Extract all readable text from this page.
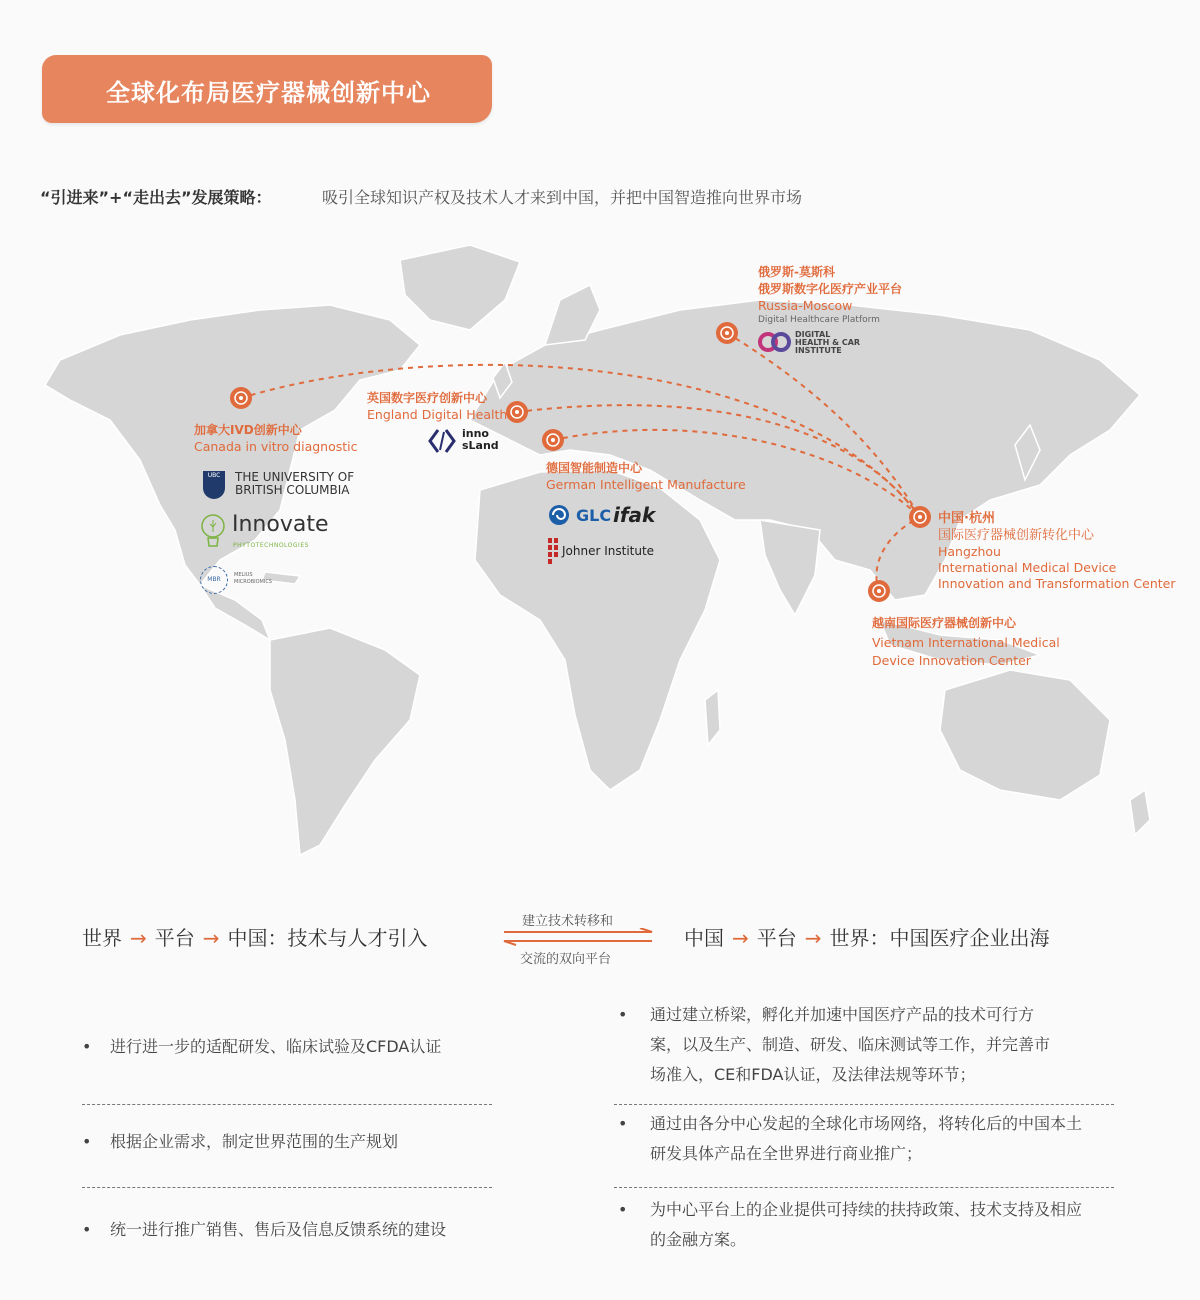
全球化布局医疗器械创新中心
“引进来”+“走出去”发展策略：	吸引全球知识产权及技术人才来到中国，并把中国智造推向世界市场
俄罗斯-莫斯科
俄罗斯数字化医疗产业平台
Russia-Moscow
Digital Healthcare Platform
DIGITAL
HEALTH & CAR
INSTITUTE
加拿大IVD创新中心
Canada in vitro diagnostic
UBC	THE UNIVERSITY OF
BRITISH COLUMBIA
Innovate
PHYTOTECHNOLOGIES
MBR
MELIUS
MICROBIOMICS
英国数字医疗创新中心
England Digital Health
inno
sLand
德国智能制造中心
German Intelligent Manufacture
GLC ifak
Johner Institute
中国·杭州
国际医疗器械创新转化中心
Hangzhou
International Medical Device
Innovation and Transformation Center
越南国际医疗器械创新中心
Vietnam International Medical
Device Innovation Center
世界 → 平台 → 中国：技术与人才引入
建立技术转移和
交流的双向平台
中国 → 平台 → 世界：中国医疗企业出海
• 进行进一步的适配研发、临床试验及CFDA认证
• 根据企业需求，制定世界范围的生产规划
• 统一进行推广销售、售后及信息反馈系统的建设
• 通过建立桥梁，孵化并加速中国医疗产品的技术可行方
案，以及生产、制造、研发、临床测试等工作，并完善市
场准入，CE和FDA认证，及法律法规等环节；
• 通过由各分中心发起的全球化市场网络，将转化后的中国本土
研发具体产品在全世界进行商业推广；
• 为中心平台上的企业提供可持续的扶持政策、技术支持及相应
的金融方案。
